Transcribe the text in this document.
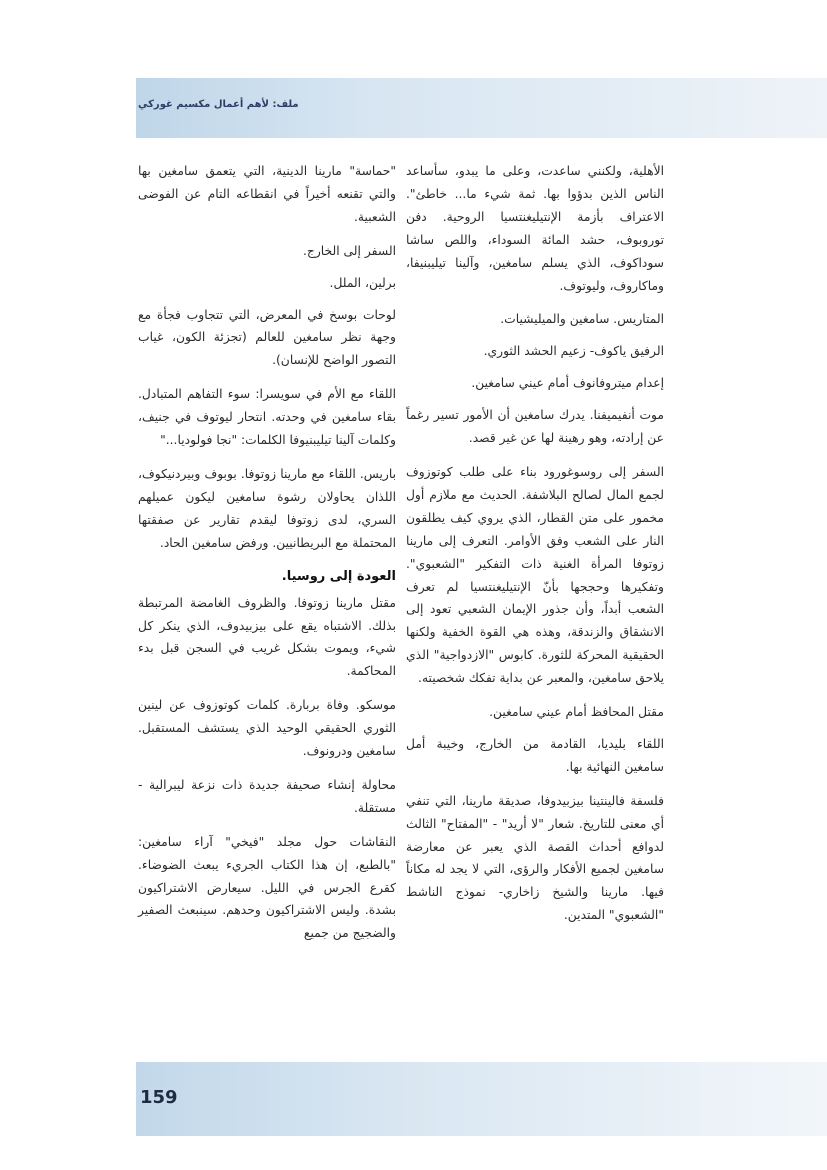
ملف: لأهم أعمال مكسيم غوركي

الأهلية، ولكنني ساعدت، وعلى ما يبدو، سأساعد الناس الذين بدؤوا بها. ثمة شيء ما... خاطئ". الاعتراف بأزمة الإنتيليغنتسيا الروحية. دفن توروبوف، حشد المائة السوداء، واللص ساشا سوداكوف، الذي يسلم سامغين، وآلينا تيليبنيفا، وماكاروف، وليوتوف.

المتاريس. سامغين والميليشيات.

الرفيق ياكوف- زعيم الحشد الثوري.

إعدام ميتروفانوف أمام عيني سامغين.

موت أنفيميفنا. يدرك سامغين أن الأمور تسير رغماً عن إرادته، وهو رهينة لها عن غير قصد.

السفر إلى روسوغورود بناء على طلب كوتوزوف لجمع المال لصالح البلاشفة. الحديث مع ملازم أول مخمور على متن القطار، الذي يروي كيف يطلقون النار على الشعب وفق الأوامر. التعرف إلى مارينا زوتوفا المرأة الغنية ذات التفكير "الشعبوي". وتفكيرها وحججها بأنّ الإنتيليغنتسيا لم تعرف الشعب أبداً، وأن جذور الإيمان الشعبي تعود إلى الانشقاق والزندقة، وهذه هي القوة الخفية ولكنها الحقيقية المحركة للثورة. كابوس "الازدواجية" الذي يلاحق سامغين، والمعبر عن بداية تفكك شخصيته.

مقتل المحافظ أمام عيني سامغين.

اللقاء بليديا، القادمة من الخارج، وخيبة أمل سامغين النهائية بها.

فلسفة فالينتينا بيزبيدوفا، صديقة مارينا، التي تنفي أي معنى للتاريخ. شعار "لا أريد" - "المفتاح" الثالث لدوافع أحداث القصة الذي يعبر عن معارضة سامغين لجميع الأفكار والرؤى، التي لا يجد له مكاناً فيها. مارينا والشيخ زاخاري- نموذج الناشط "الشعبوي" المتدين.

"حماسة" مارينا الدينية، التي يتعمق سامغين بها والتي تقنعه أخيراً في انقطاعه التام عن الفوضى الشعبية.

السفر إلى الخارج.

برلين، الملل.

لوحات بوسخ في المعرض، التي تتجاوب فجأة مع وجهة نظر سامغين للعالم (تجزئة الكون، غياب التصور الواضح للإنسان).

اللقاء مع الأم في سويسرا: سوء التفاهم المتبادل. بقاء سامغين في وحدته. انتحار ليوتوف في جنيف، وكلمات آلينا تيليبنيوفا الكلمات: "نجا فولوديا..."

باريس. اللقاء مع مارينا زوتوفا. بوبوف وبيردنيكوف، اللذان يحاولان رشوة سامغين ليكون عميلهم السري، لدى زوتوفا ليقدم تقارير عن صفقتها المحتملة مع البريطانيين. ورفض سامغين الحاد.

العودة إلى روسيا.

مقتل مارينا زوتوفا. والظروف الغامضة المرتبطة بذلك. الاشتباه يقع على بيزبيدوف، الذي ينكر كل شيء، ويموت بشكل غريب في السجن قبل بدء المحاكمة.

موسكو. وفاة بربارة. كلمات كوتوزوف عن لينين الثوري الحقيقي الوحيد الذي يستشف المستقبل. سامغين ودرونوف.

محاولة إنشاء صحيفة جديدة ذات نزعة ليبرالية - مستقلة.

النقاشات حول مجلد "فيخي" آراء سامغين: "بالطبع، إن هذا الكتاب الجريء يبعث الضوضاء. كقرع الجرس في الليل. سيعارض الاشتراكيون بشدة. وليس الاشتراكيون وحدهم. سينبعث الصفير والضجيج من جميع

159
